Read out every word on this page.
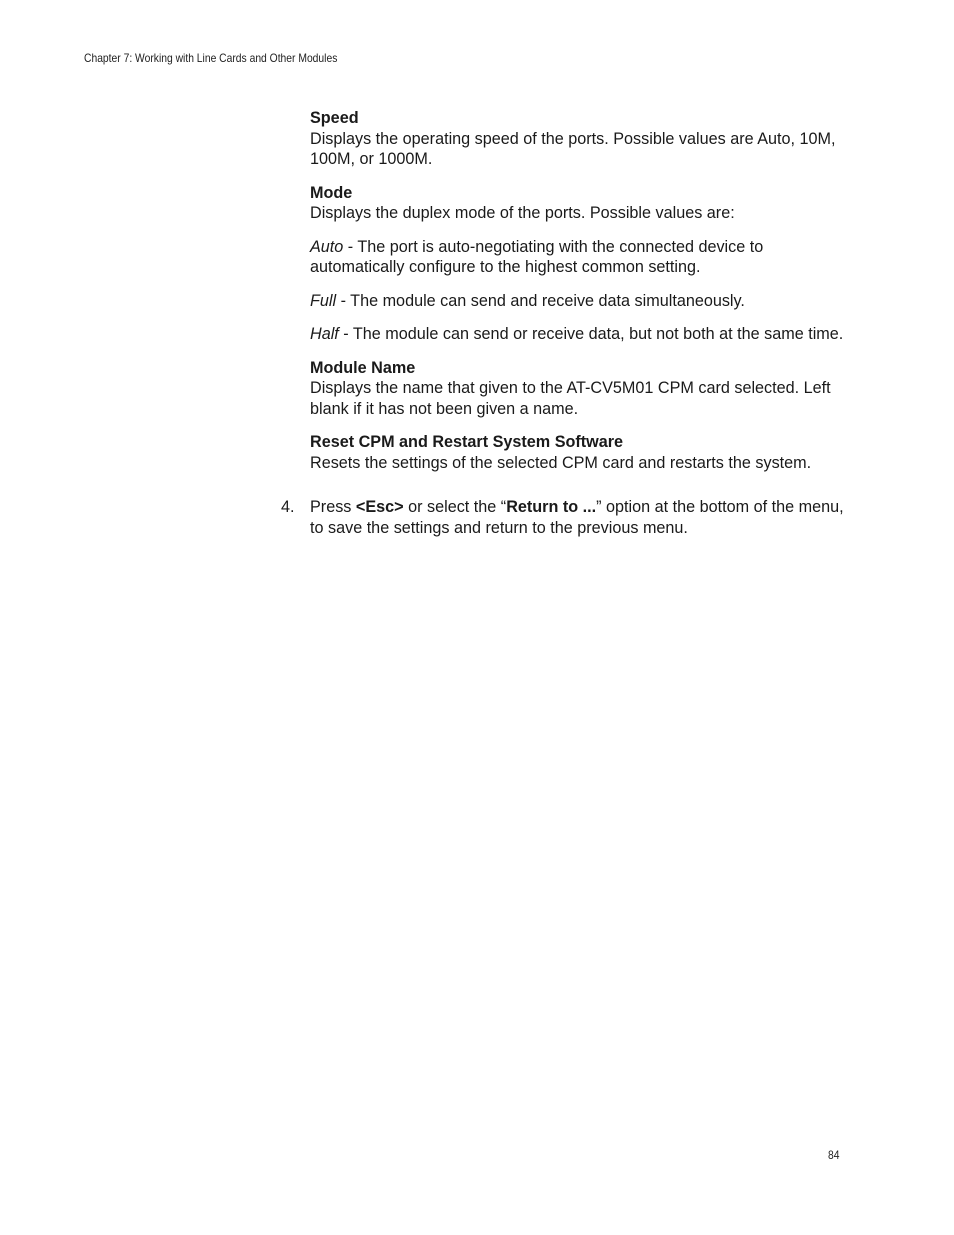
Chapter 7: Working with Line Cards and Other Modules

Speed

Displays the operating speed of the ports. Possible values are Auto, 10M, 100M, or 1000M.

Mode

Displays the duplex mode of the ports. Possible values are:

Auto - The port is auto-negotiating with the connected device to automatically configure to the highest common setting.

Full - The module can send and receive data simultaneously.

Half - The module can send or receive data, but not both at the same time.

Module Name

Displays the name that given to the AT-CV5M01 CPM card selected. Left blank if it has not been given a name.

Reset CPM and Restart System Software

Resets the settings of the selected CPM card and restarts the system.

4. Press <Esc> or select the “Return to ...” option at the bottom of the menu, to save the settings and return to the previous menu.

84
